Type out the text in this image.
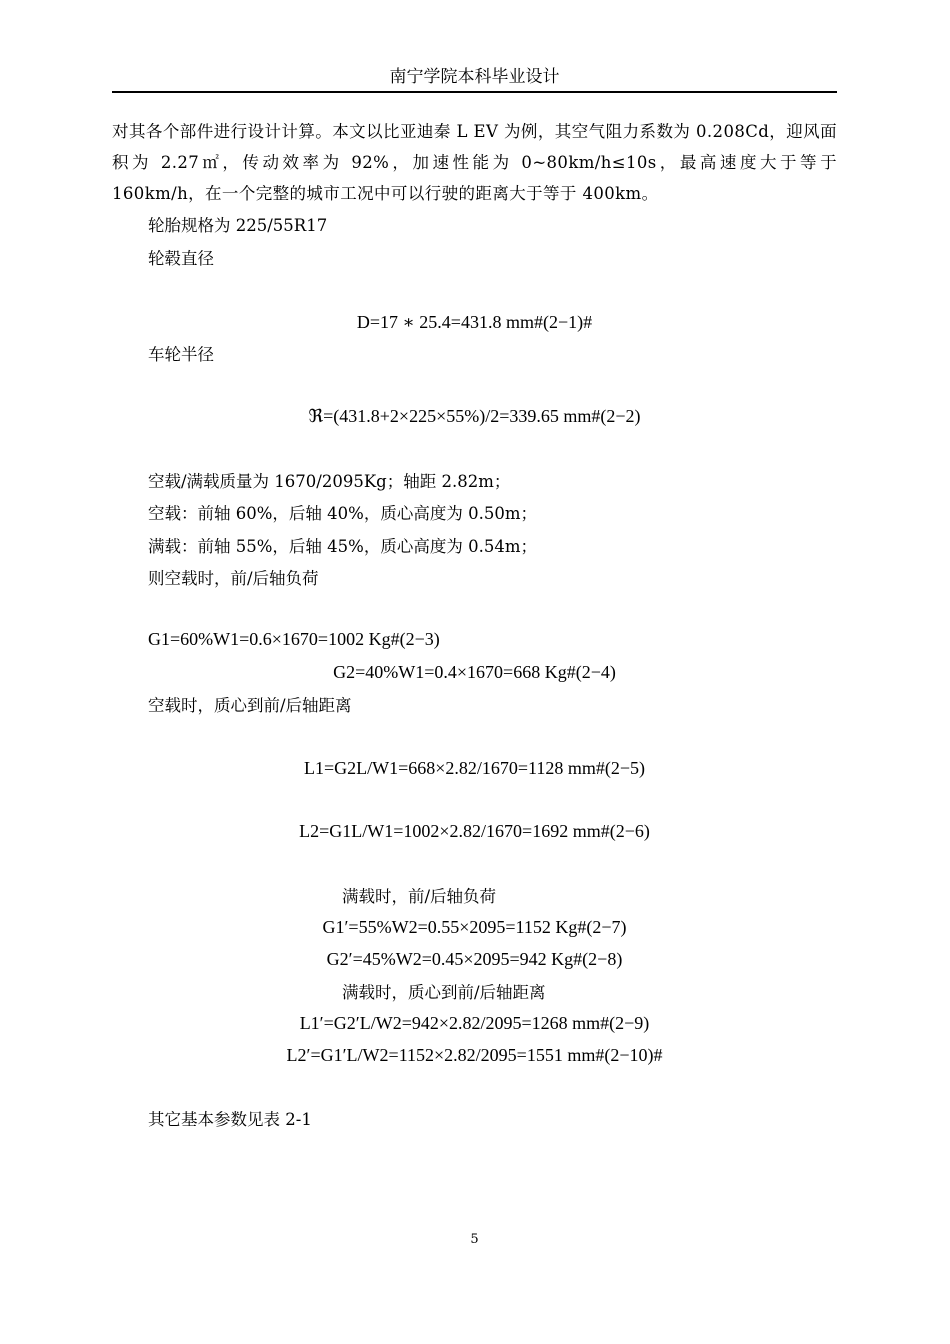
南宁学院本科毕业设计
对其各个部件进行设计计算。本文以比亚迪秦 L EV 为例，其空气阻力系数为 0.208Cd，迎风面积为 2.27㎡，传动效率为 92%，加速性能为 0~80km/h≤10s，最高速度大于等于 160km/h，在一个完整的城市工况中可以行驶的距离大于等于 400km。
轮胎规格为 225/55R17
轮毂直径
D=17 ∗ 25.4=431.8 mm#(2−1)#
车轮半径
ℜ=(431.8+2×225×55%)/2=339.65 mm#(2−2)
空载/满载质量为 1670/2095Kg；轴距 2.82m；
空载：前轴 60%，后轴 40%，质心高度为 0.50m；
满载：前轴 55%，后轴 45%，质心高度为 0.54m；
则空载时，前/后轴负荷
G1=60%W1=0.6×1670=1002 Kg#(2−3)
G2=40%W1=0.4×1670=668 Kg#(2−4)
空载时，质心到前/后轴距离
L1=G2L/W1=668×2.82/1670=1128 mm#(2−5)
L2=G1L/W1=1002×2.82/1670=1692 mm#(2−6)
满载时，前/后轴负荷
G1′=55%W2=0.55×2095=1152 Kg#(2−7)
G2′=45%W2=0.45×2095=942 Kg#(2−8)
满载时，质心到前/后轴距离
L1′=G2′L/W2=942×2.82/2095=1268 mm#(2−9)
L2′=G1′L/W2=1152×2.82/2095=1551 mm#(2−10)#
其它基本参数见表 2-1
5
